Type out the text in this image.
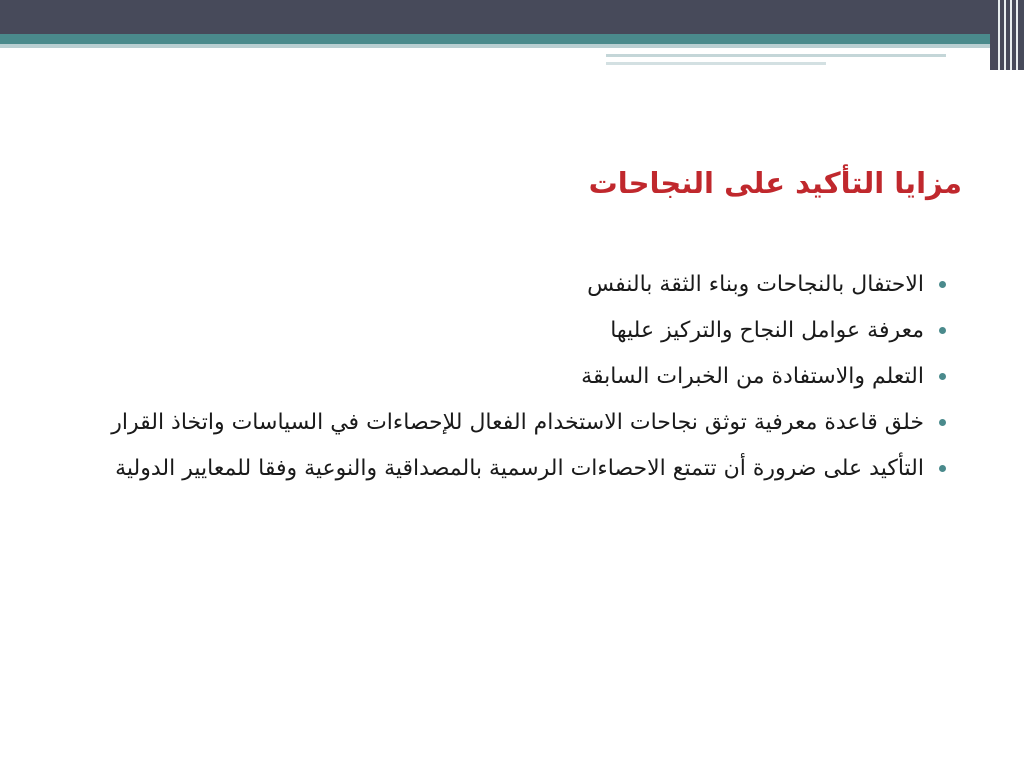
مزايا التأكيد على النجاحات
الاحتفال بالنجاحات وبناء الثقة بالنفس
معرفة عوامل النجاح والتركيز عليها
التعلم والاستفادة من الخبرات السابقة
خلق قاعدة معرفية توثق نجاحات الاستخدام الفعال للإحصاءات في السياسات واتخاذ القرار
التأكيد على ضرورة أن تتمتع الاحصاءات الرسمية بالمصداقية والنوعية وفقا للمعايير الدولية
